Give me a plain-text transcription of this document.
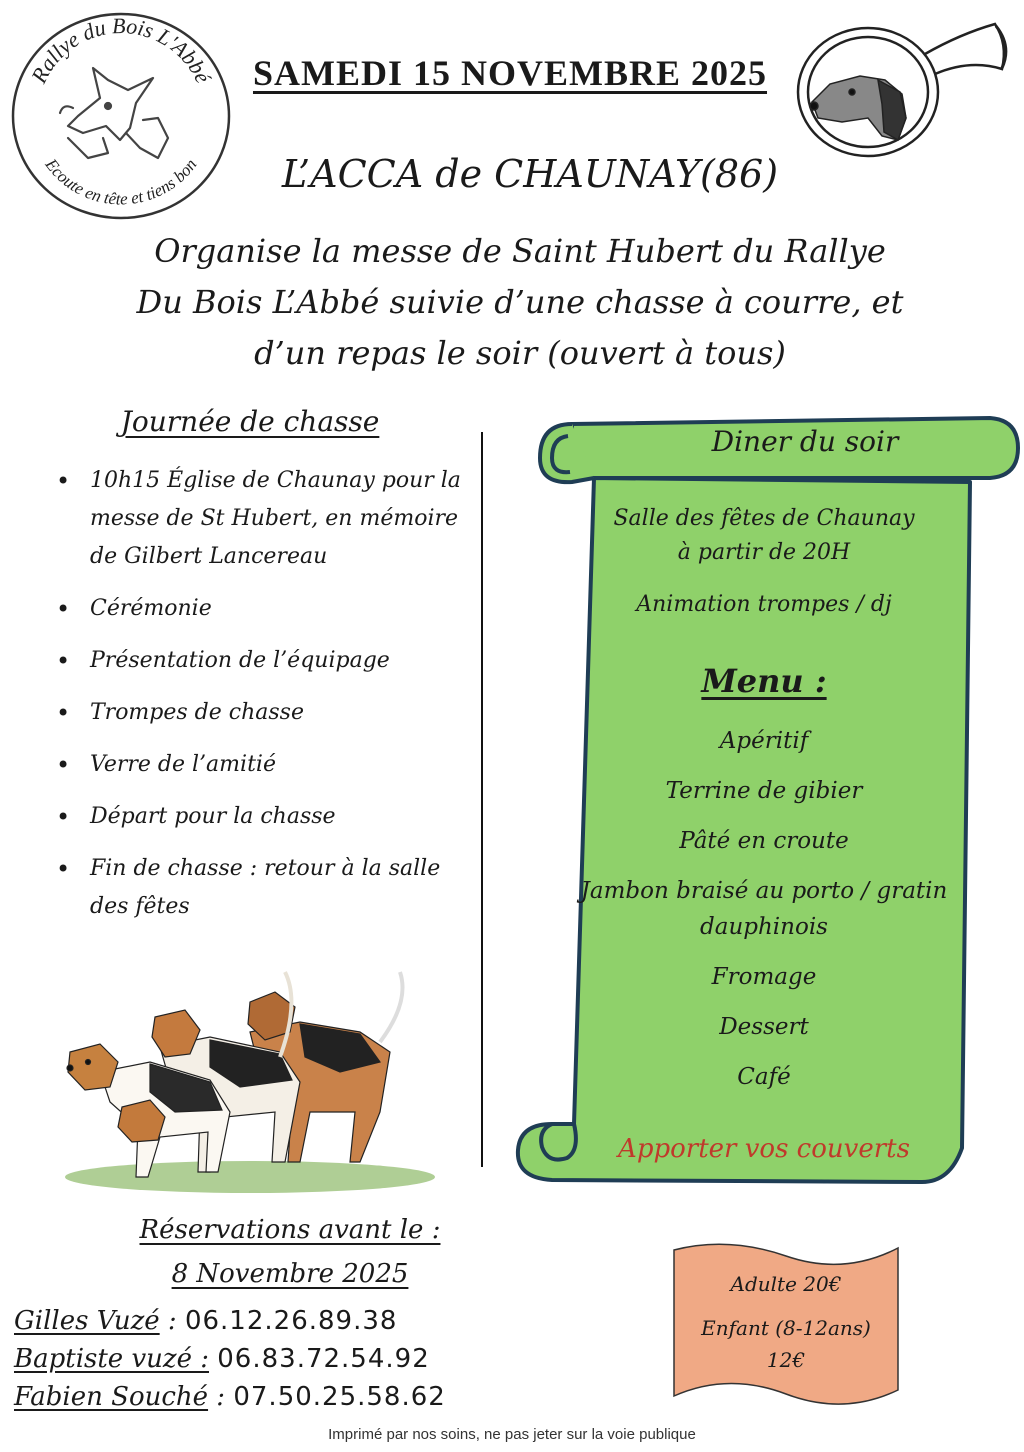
Rallye du Bois L'Abbé
Ecoute en tête et tiens bon
SAMEDI 15 NOVEMBRE 2025
L’ACCA de CHAUNAY(86)
Organise la messe de Saint Hubert du Rallye
Du Bois L’Abbé suivie d’une chasse à courre, et
d’un repas le soir (ouvert à tous)
Journée de chasse
• 10h15 Église de Chaunay pour la messe de St Hubert, en mémoire de Gilbert Lancereau
• Cérémonie
• Présentation de l’équipage
• Trompes de chasse
• Verre de l’amitié
• Départ pour la chasse
• Fin de chasse : retour à la salle des fêtes
Diner du soir
Salle des fêtes de Chaunay
à partir de 20H
Animation trompes / dj
Menu :
Apéritif
Terrine de gibier
Pâté en croute
Jambon braisé au porto / gratin dauphinois
Fromage
Dessert
Café
Apporter vos couverts
Réservations avant le :
8 Novembre 2025
Gilles Vuzé : 06.12.26.89.38
Baptiste vuzé : 06.83.72.54.92
Fabien Souché : 07.50.25.58.62
Adulte 20€
Enfant (8-12ans)
12€
Imprimé par nos soins, ne pas jeter sur la voie publique
